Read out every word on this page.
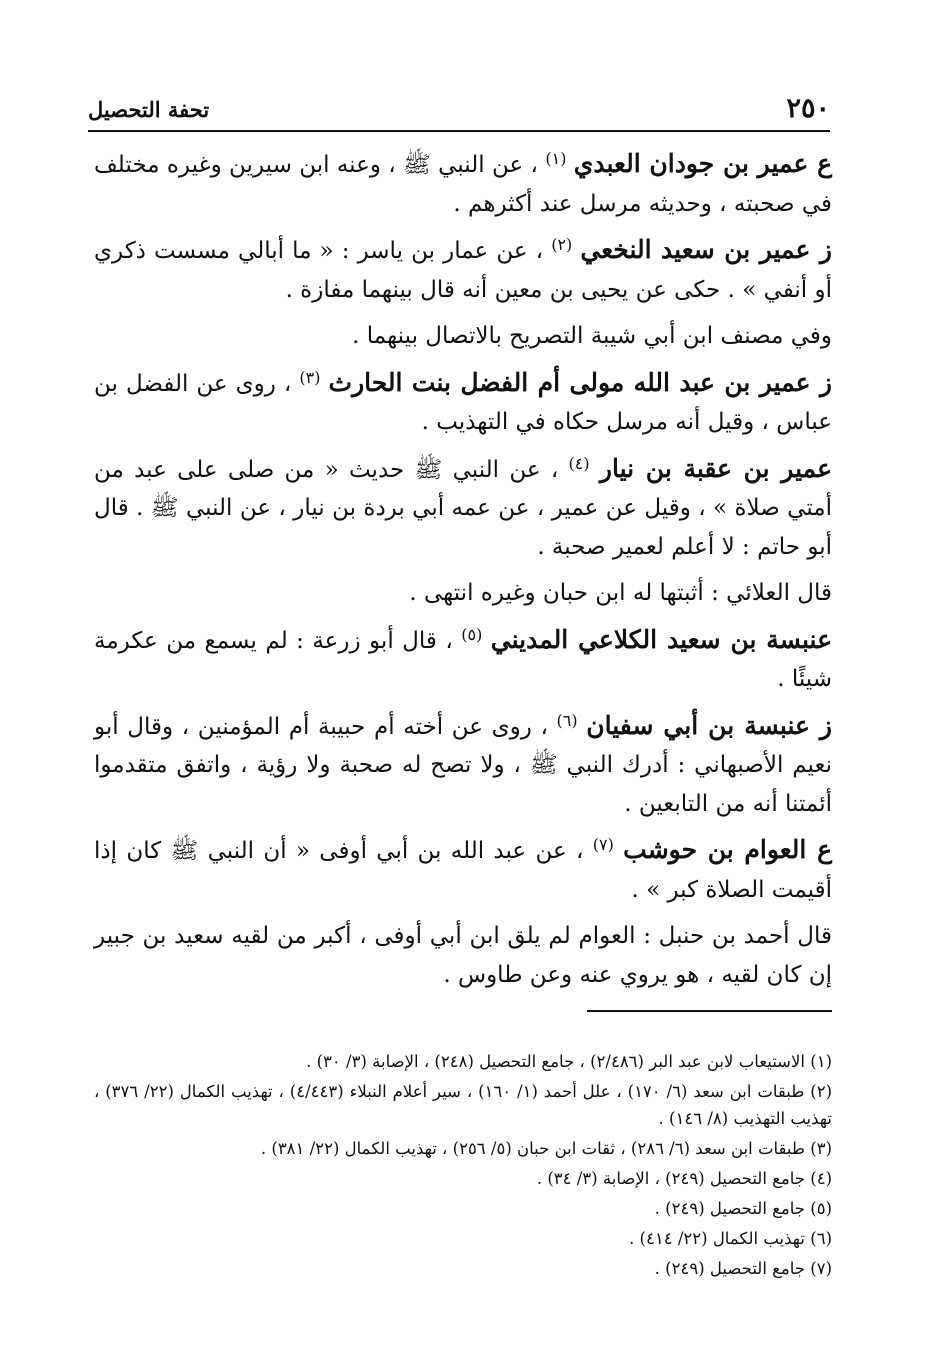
٢٥٠
تحفة التحصيل

ع عمير بن جودان العبدي $^{(١)}$ ، عن النبي ﷺ ، وعنه ابن سيرين وغيره مختلف في صحبته ، وحديثه مرسل عند أكثرهم .

ز عمير بن سعيد النخعي $^{(٢)}$ ، عن عمار بن ياسر : « ما أبالي مسست ذكري أو أنفي » . حكى عن يحيى بن معين أنه قال بينهما مفازة .

وفي مصنف ابن أبي شيبة التصريح بالاتصال بينهما .

ز عمير بن عبد الله مولى أم الفضل بنت الحارث $^{(٣)}$ ، روى عن الفضل بن عباس ، وقيل أنه مرسل حكاه في التهذيب .

عمير بن عقبة بن نيار $^{(٤)}$ ، عن النبي ﷺ حديث « من صلى على عبد من أمتي صلاة » ، وقيل عن عمير ، عن عمه أبي بردة بن نيار ، عن النبي ﷺ . قال أبو حاتم : لا أعلم لعمير صحبة .

قال العلائي : أثبتها له ابن حبان وغيره انتهى .

عنبسة بن سعيد الكلاعي المديني $^{(٥)}$ ، قال أبو زرعة : لم يسمع من عكرمة شيئًا .

ز عنبسة بن أبي سفيان $^{(٦)}$ ، روى عن أخته أم حبيبة أم المؤمنين ، وقال أبو نعيم الأصبهاني : أدرك النبي ﷺ ، ولا تصح له صحبة ولا رؤية ، واتفق متقدموا أئمتنا أنه من التابعين .

ع العوام بن حوشب $^{(٧)}$ ، عن عبد الله بن أبي أوفى « أن النبي ﷺ كان إذا أقيمت الصلاة كبر » .

قال أحمد بن حنبل : العوام لم يلق ابن أبي أوفى ، أكبر من لقيه سعيد بن جبير إن كان لقيه ، هو يروي عنه وعن طاوس .

(١) الاستيعاب لابن عبد البر (٢/٤٨٦) ، جامع التحصيل (٢٤٨) ، الإصابة (٣/ ٣٠) .

(٢) طبقات ابن سعد (٦/ ١٧٠) ، علل أحمد (١/ ١٦٠) ، سير أعلام النبلاء (٤/٤٤٣) ، تهذيب الكمال (٢٢/ ٣٧٦) ، تهذيب التهذيب (٨/ ١٤٦) .

(٣) طبقات ابن سعد (٦/ ٢٨٦) ، ثقات ابن حبان (٥/ ٢٥٦) ، تهذيب الكمال (٢٢/ ٣٨١) .

(٤) جامع التحصيل (٢٤٩) ، الإصابة (٣/ ٣٤) .

(٥) جامع التحصيل (٢٤٩) .

(٦) تهذيب الكمال (٢٢/ ٤١٤) .

(٧) جامع التحصيل (٢٤٩) .
